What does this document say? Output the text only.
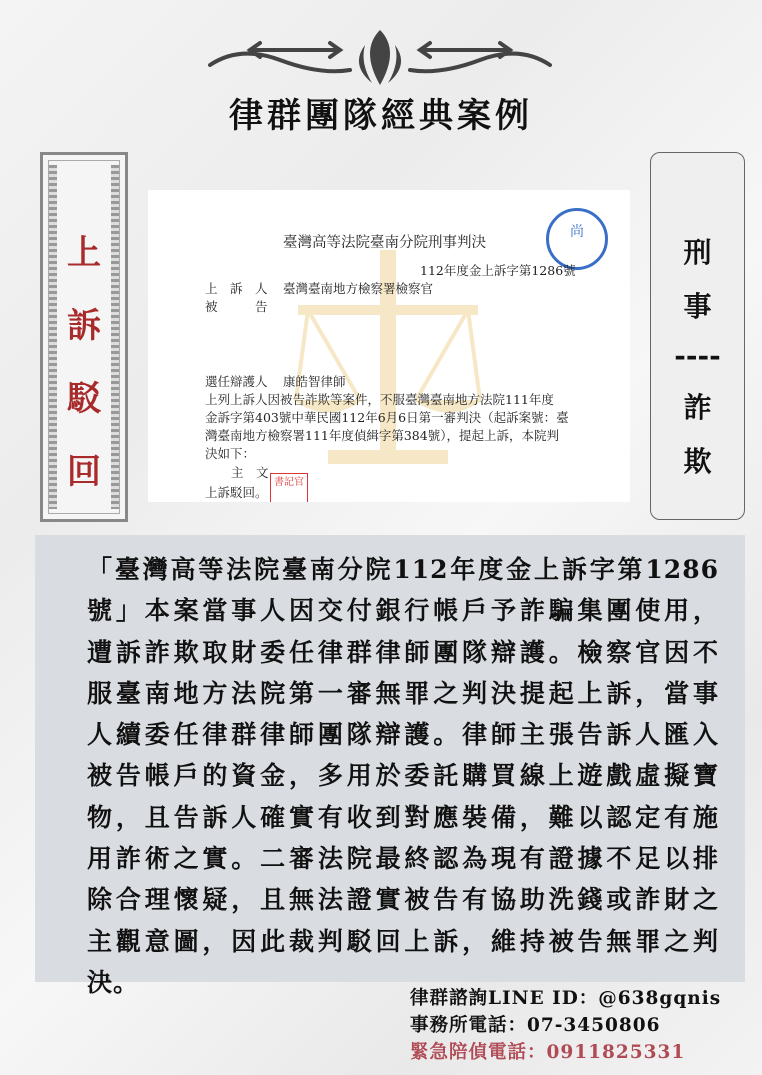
律群團隊經典案例
上
訴
駁
回
刑
事
----
詐
欺
尚
臺灣高等法院臺南分院刑事判決
112年度金上訴字第1286號
上　訴　人 臺灣臺南地方檢察署檢察官
被　　　告
選任辯護人 康皓智律師
上列上訴人因被告詐欺等案件，不服臺灣臺南地方法院111年度
金訴字第403號中華民國112年6月6日第一審判決（起訴案號：臺
灣臺南地方檢察署111年度偵緝字第384號），提起上訴，本院判
決如下：
主　文
上訴駁回。
書記官
「臺灣高等法院臺南分院112年度金上訴字第1286
號」本案當事人因交付銀行帳戶予詐騙集團使用，
遭訴詐欺取財委任律群律師團隊辯護。檢察官因不
服臺南地方法院第一審無罪之判決提起上訴，當事
人續委任律群律師團隊辯護。律師主張告訴人匯入
被告帳戶的資金，多用於委託購買線上遊戲虛擬寶
物，且告訴人確實有收到對應裝備，難以認定有施
用詐術之實。二審法院最終認為現有證據不足以排
除合理懷疑，且無法證實被告有協助洗錢或詐財之
主觀意圖，因此裁判駁回上訴，維持被告無罪之判
決。
律群諮詢LINE ID：@638gqnis
事務所電話：07-3450806
緊急陪偵電話：0911825331
